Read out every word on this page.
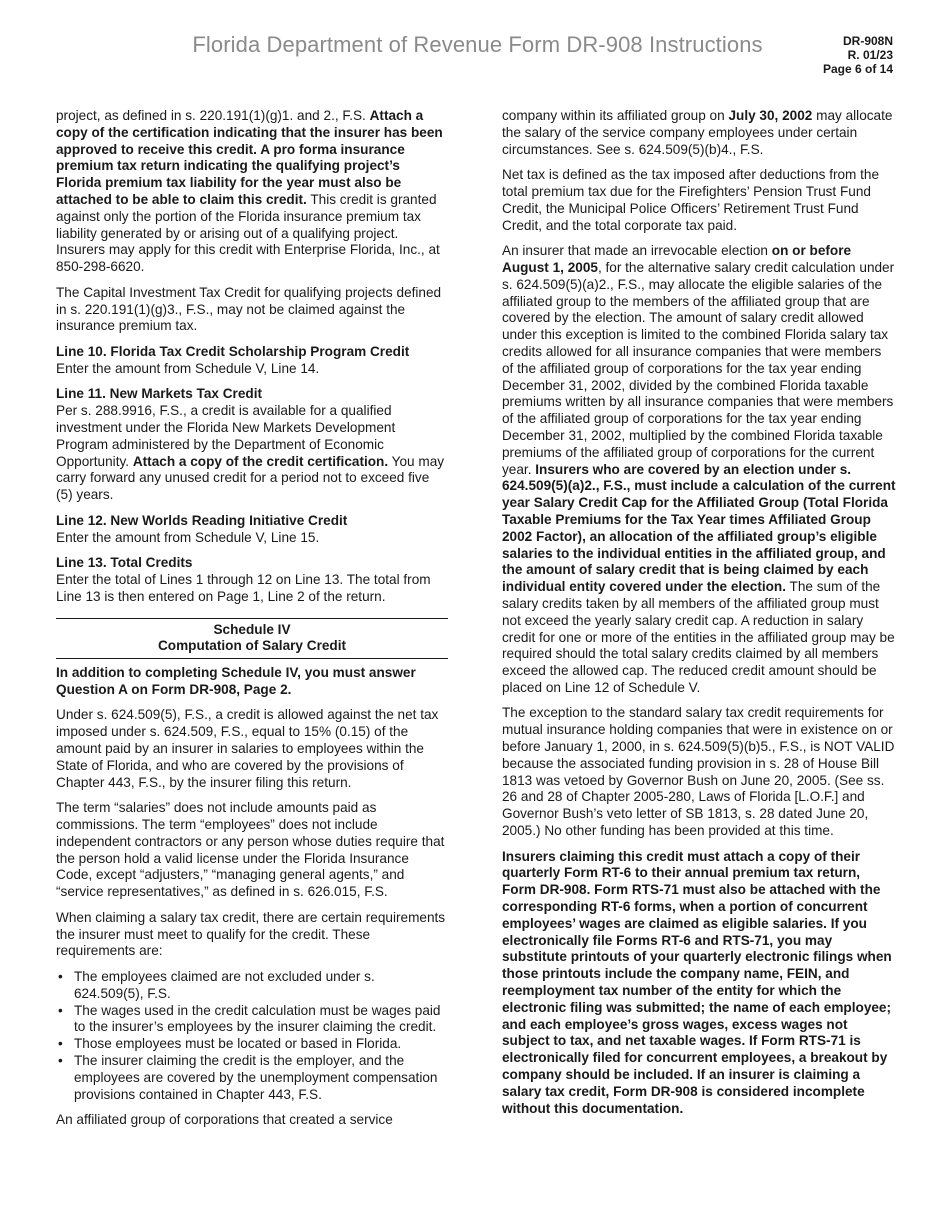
Florida Department of Revenue Form DR-908 Instructions	DR-908N
R. 01/23
Page 6 of 14

project, as defined in s. 220.191(1)(g)1. and 2., F.S. Attach a copy of the certification indicating that the insurer has been approved to receive this credit. A pro forma insurance premium tax return indicating the qualifying project’s Florida premium tax liability for the year must also be attached to be able to claim this credit. This credit is granted against only the portion of the Florida insurance premium tax liability generated by or arising out of a qualifying project. Insurers may apply for this credit with Enterprise Florida, Inc., at 850-298-6620.

The Capital Investment Tax Credit for qualifying projects defined in s. 220.191(1)(g)3., F.S., may not be claimed against the insurance premium tax.

Line 10. Florida Tax Credit Scholarship Program Credit
Enter the amount from Schedule V, Line 14.

Line 11. New Markets Tax Credit
Per s. 288.9916, F.S., a credit is available for a qualified investment under the Florida New Markets Development Program administered by the Department of Economic Opportunity. Attach a copy of the credit certification. You may carry forward any unused credit for a period not to exceed five (5) years.

Line 12. New Worlds Reading Initiative Credit
Enter the amount from Schedule V, Line 15.

Line 13. Total Credits
Enter the total of Lines 1 through 12 on Line 13. The total from Line 13 is then entered on Page 1, Line 2 of the return.

Schedule IV
Computation of Salary Credit

In addition to completing Schedule IV, you must answer Question A on Form DR-908, Page 2.

Under s. 624.509(5), F.S., a credit is allowed against the net tax imposed under s. 624.509, F.S., equal to 15% (0.15) of the amount paid by an insurer in salaries to employees within the State of Florida, and who are covered by the provisions of Chapter 443, F.S., by the insurer filing this return.

The term “salaries” does not include amounts paid as commissions. The term “employees” does not include independent contractors or any person whose duties require that the person hold a valid license under the Florida Insurance Code, except “adjusters,” “managing general agents,” and “service representatives,” as defined in s. 626.015, F.S.

When claiming a salary tax credit, there are certain requirements the insurer must meet to qualify for the credit. These requirements are:

• The employees claimed are not excluded under s. 624.509(5), F.S.
• The wages used in the credit calculation must be wages paid to the insurer’s employees by the insurer claiming the credit.
• Those employees must be located or based in Florida.
• The insurer claiming the credit is the employer, and the employees are covered by the unemployment compensation provisions contained in Chapter 443, F.S.

An affiliated group of corporations that created a service

company within its affiliated group on July 30, 2002 may allocate the salary of the service company employees under certain circumstances. See s. 624.509(5)(b)4., F.S.

Net tax is defined as the tax imposed after deductions from the total premium tax due for the Firefighters’ Pension Trust Fund Credit, the Municipal Police Officers’ Retirement Trust Fund Credit, and the total corporate tax paid.

An insurer that made an irrevocable election on or before August 1, 2005, for the alternative salary credit calculation under s. 624.509(5)(a)2., F.S., may allocate the eligible salaries of the affiliated group to the members of the affiliated group that are covered by the election. The amount of salary credit allowed under this exception is limited to the combined Florida salary tax credits allowed for all insurance companies that were members of the affiliated group of corporations for the tax year ending December 31, 2002, divided by the combined Florida taxable premiums written by all insurance companies that were members of the affiliated group of corporations for the tax year ending December 31, 2002, multiplied by the combined Florida taxable premiums of the affiliated group of corporations for the current year. Insurers who are covered by an election under s. 624.509(5)(a)2., F.S., must include a calculation of the current year Salary Credit Cap for the Affiliated Group (Total Florida Taxable Premiums for the Tax Year times Affiliated Group 2002 Factor), an allocation of the affiliated group’s eligible salaries to the individual entities in the affiliated group, and the amount of salary credit that is being claimed by each individual entity covered under the election. The sum of the salary credits taken by all members of the affiliated group must not exceed the yearly salary credit cap. A reduction in salary credit for one or more of the entities in the affiliated group may be required should the total salary credits claimed by all members exceed the allowed cap. The reduced credit amount should be placed on Line 12 of Schedule V.

The exception to the standard salary tax credit requirements for mutual insurance holding companies that were in existence on or before January 1, 2000, in s. 624.509(5)(b)5., F.S., is NOT VALID because the associated funding provision in s. 28 of House Bill 1813 was vetoed by Governor Bush on June 20, 2005. (See ss. 26 and 28 of Chapter 2005-280, Laws of Florida [L.O.F.] and Governor Bush’s veto letter of SB 1813, s. 28 dated June 20, 2005.) No other funding has been provided at this time.

Insurers claiming this credit must attach a copy of their quarterly Form RT-6 to their annual premium tax return, Form DR-908. Form RTS-71 must also be attached with the corresponding RT-6 forms, when a portion of concurrent employees’ wages are claimed as eligible salaries. If you electronically file Forms RT-6 and RTS-71, you may substitute printouts of your quarterly electronic filings when those printouts include the company name, FEIN, and reemployment tax number of the entity for which the electronic filing was submitted; the name of each employee; and each employee’s gross wages, excess wages not subject to tax, and net taxable wages. If Form RTS-71 is electronically filed for concurrent employees, a breakout by company should be included. If an insurer is claiming a salary tax credit, Form DR-908 is considered incomplete without this documentation.
